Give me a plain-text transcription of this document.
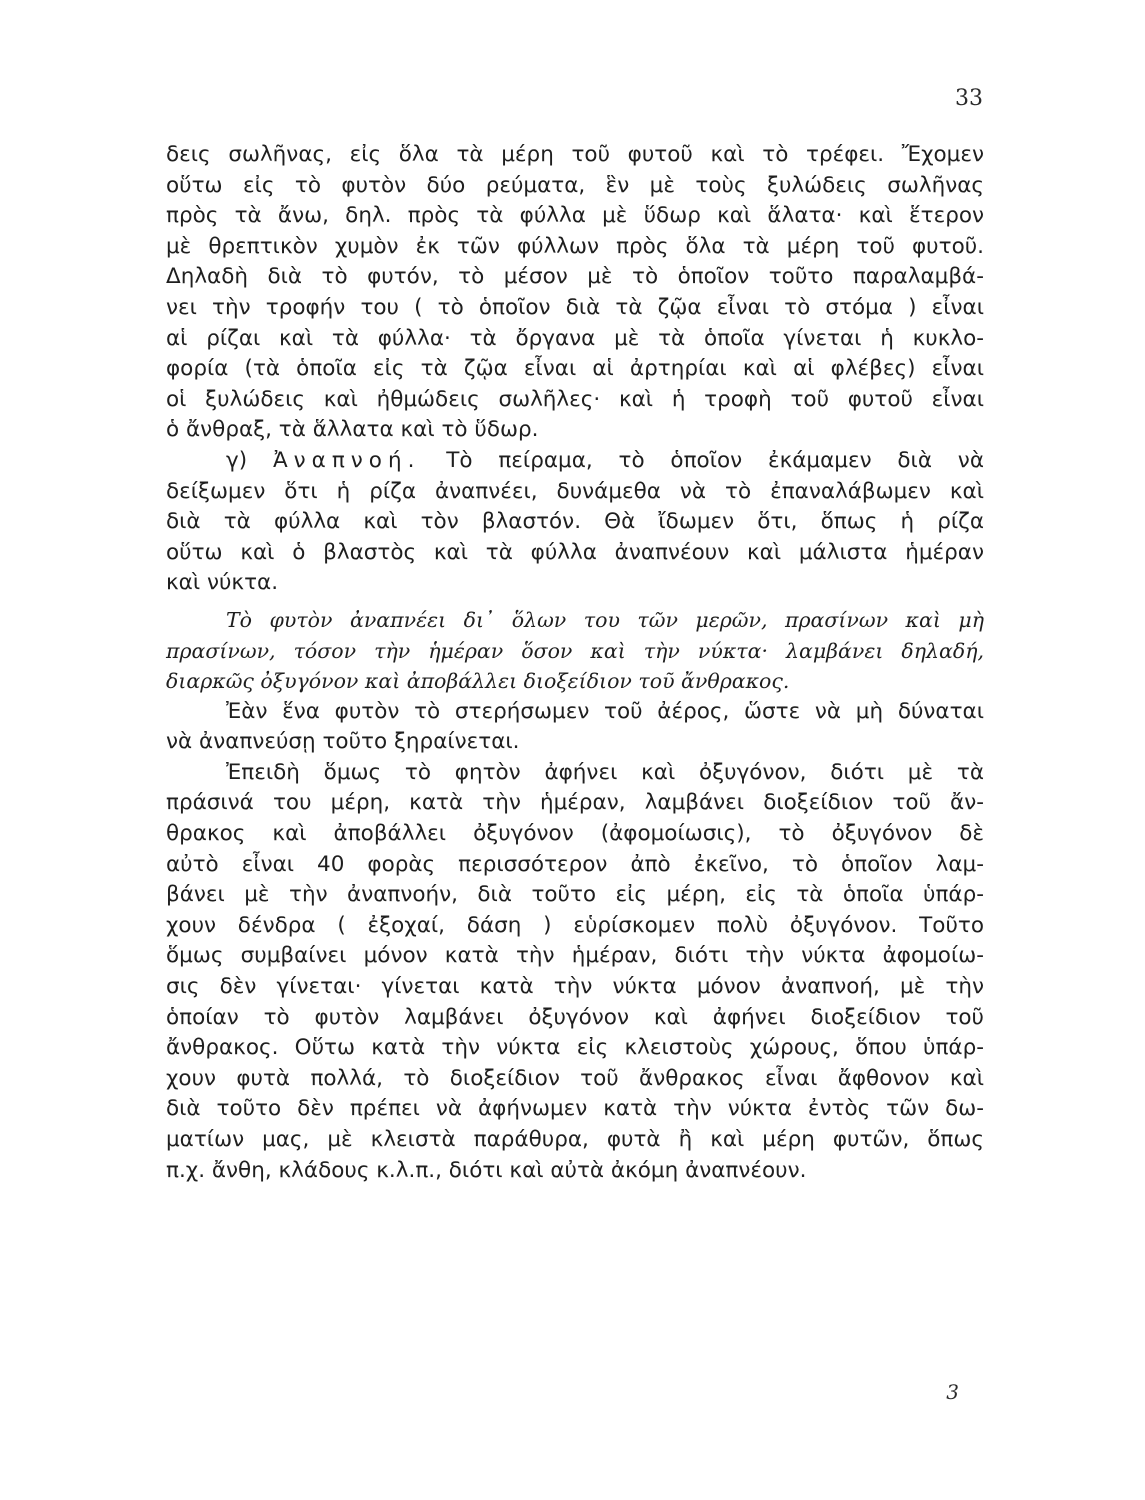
33
δεις σωλῆνας, εἰς ὅλα τὰ μέρη τοῦ φυτοῦ καὶ τὸ τρέφει. Ἔχομεν
οὕτω εἰς τὸ φυτὸν δύο ρεύματα, ἓν μὲ τοὺς ξυλώδεις σωλῆνας
πρὸς τὰ ἄνω, δηλ. πρὸς τὰ φύλλα μὲ ὕδωρ καὶ ἅλατα· καὶ ἕτερον
μὲ θρεπτικὸν χυμὸν ἐκ τῶν φύλλων πρὸς ὅλα τὰ μέρη τοῦ φυτοῦ.
Δηλαδὴ διὰ τὸ φυτόν, τὸ μέσον μὲ τὸ ὁποῖον τοῦτο παραλαμβά-
νει τὴν τροφήν του ( τὸ ὁποῖον διὰ τὰ ζῷα εἶναι τὸ στόμα ) εἶναι
αἱ ρίζαι καὶ τὰ φύλλα· τὰ ὄργανα μὲ τὰ ὁποῖα γίνεται ἡ κυκλο-
φορία (τὰ ὁποῖα εἰς τὰ ζῷα εἶναι αἱ ἀρτηρίαι καὶ αἱ φλέβες) εἶναι
οἱ ξυλώδεις καὶ ἠθμώδεις σωλῆλες· καὶ ἡ τροφὴ τοῦ φυτοῦ εἶναι
ὁ ἄνθραξ, τὰ ἅλλατα καὶ τὸ ὕδωρ.
γ) Ἀναπνοή. Τὸ πείραμα, τὸ ὁποῖον ἐκάμαμεν διὰ νὰ
δείξωμεν ὅτι ἡ ρίζα ἀναπνέει, δυνάμεθα νὰ τὸ ἐπαναλάβωμεν καὶ
διὰ τὰ φύλλα καὶ τὸν βλαστόν. Θὰ ἴδωμεν ὅτι, ὅπως ἡ ρίζα
οὕτω καὶ ὁ βλαστὸς καὶ τὰ φύλλα ἀναπνέουν καὶ μάλιστα ἡμέραν
καὶ νύκτα.
Τὸ φυτὸν ἀναπνέει δι᾽ ὅλων του τῶν μερῶν, πρασίνων καὶ μὴ
πρασίνων, τόσον τὴν ἡμέραν ὅσον καὶ τὴν νύκτα· λαμβάνει δηλαδή,
διαρκῶς ὀξυγόνον καὶ ἀποβάλλει διοξείδιον τοῦ ἄνθρακος.
Ἐὰν ἕνα φυτὸν τὸ στερήσωμεν τοῦ ἀέρος, ὥστε νὰ μὴ δύναται
νὰ ἀναπνεύσῃ τοῦτο ξηραίνεται.
Ἐπειδὴ ὅμως τὸ φητὸν ἀφήνει καὶ ὀξυγόνον, διότι μὲ τὰ
πράσινά του μέρη, κατὰ τὴν ἡμέραν, λαμβάνει διοξείδιον τοῦ ἄν-
θρακος καὶ ἀποβάλλει ὀξυγόνον (ἀφομοίωσις), τὸ ὀξυγόνον δὲ
αὐτὸ εἶναι 40 φορὰς περισσότερον ἀπὸ ἐκεῖνο, τὸ ὁποῖον λαμ-
βάνει μὲ τὴν ἀναπνοήν, διὰ τοῦτο εἰς μέρη, εἰς τὰ ὁποῖα ὑπάρ-
χουν δένδρα ( ἐξοχαί, δάση ) εὑρίσκομεν πολὺ ὀξυγόνον. Τοῦτο
ὅμως συμβαίνει μόνον κατὰ τὴν ἡμέραν, διότι τὴν νύκτα ἀφομοίω-
σις δὲν γίνεται· γίνεται κατὰ τὴν νύκτα μόνον ἀναπνοή, μὲ τὴν
ὁποίαν τὸ φυτὸν λαμβάνει ὀξυγόνον καὶ ἀφήνει διοξείδιον τοῦ
ἄνθρακος. Οὕτω κατὰ τὴν νύκτα εἰς κλειστοὺς χώρους, ὅπου ὑπάρ-
χουν φυτὰ πολλά, τὸ διοξείδιον τοῦ ἄνθρακος εἶναι ἄφθονον καὶ
διὰ τοῦτο δὲν πρέπει νὰ ἀφήνωμεν κατὰ τὴν νύκτα ἐντὸς τῶν δω-
ματίων μας, μὲ κλειστὰ παράθυρα, φυτὰ ἢ καὶ μέρη φυτῶν, ὅπως
π.χ. ἄνθη, κλάδους κ.λ.π., διότι καὶ αὐτὰ ἀκόμη ἀναπνέουν.
3
